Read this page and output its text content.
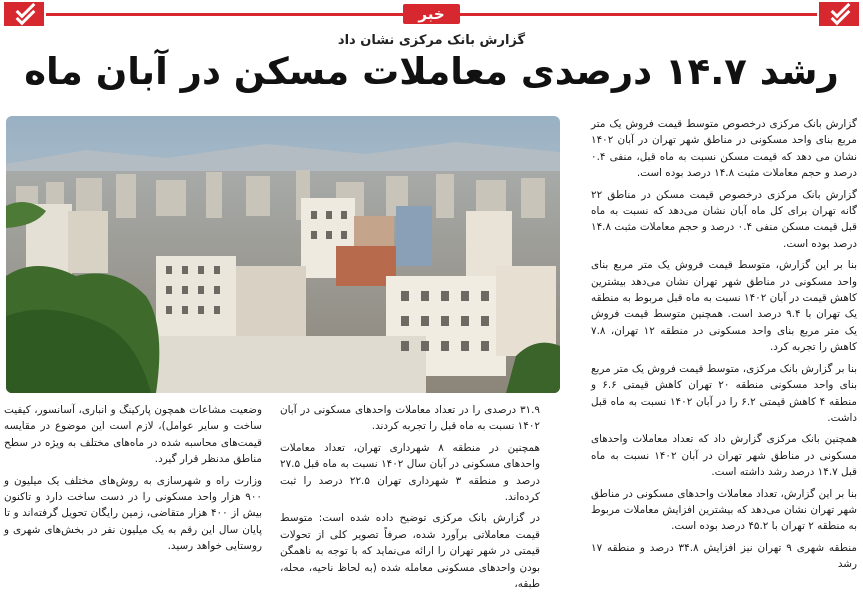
خبر
گزارش بانک مرکزی نشان داد
رشد ۱۴.۷ درصدی معاملات مسکن در آبان ماه

گزارش بانک مرکزی درخصوص متوسط قیمت فروش یک متر مربع بنای واحد مسکونی در مناطق شهر تهران در آبان ۱۴۰۲ نشان می دهد که قیمت مسکن نسبت به ماه قبل، منفی ۰.۴ درصد و حجم معاملات مثبت ۱۴.۸ درصد بوده است.

گزارش بانک مرکزی درخصوص قیمت مسکن در مناطق ۲۲ گانه تهران برای کل ماه آبان نشان می‌دهد که نسبت به ماه قبل قیمت مسکن منفی ۰.۴ درصد و حجم معاملات مثبت ۱۴.۸ درصد بوده است.

بنا بر این گزارش، متوسط قیمت فروش یک متر مربع بنای واحد مسکونی در مناطق شهر تهران نشان می‌دهد بیشترین کاهش قیمت در آبان ۱۴۰۲ نسبت به ماه قبل مربوط به منطقه یک تهران با ۹.۴ درصد است. همچنین متوسط قیمت فروش یک متر مربع بنای واحد مسکونی در منطقه ۱۲ تهران، ۷.۸ کاهش را تجربه کرد.

بنا بر گزارش بانک مرکزی، متوسط قیمت فروش یک متر مربع بنای واحد مسکونی منطقه ۲۰ تهران کاهش قیمتی ۶.۶ و منطقه ۴ کاهش قیمتی ۶.۲ را در آبان ۱۴۰۲ نسبت به ماه قبل داشت.

همچنین بانک مرکزی گزارش داد که تعداد معاملات واحدهای مسکونی در مناطق شهر تهران در آبان ۱۴۰۲ نسبت به ماه قبل ۱۴.۷ درصد رشد داشته است.

بنا بر این گزارش، تعداد معاملات واحدهای مسکونی در مناطق شهر تهران نشان می‌دهد که بیشترین افزایش معاملات مربوط به منطقه ۲ تهران با ۴۵.۲ درصد بوده است.

منطقه شهری ۹ تهران نیز افزایش ۳۴.۸ درصد و منطقه ۱۷ رشد

۳۱.۹ درصدی را در تعداد معاملات واحدهای مسکونی در آبان ۱۴۰۲ نسبت به ماه قبل را تجربه کردند.

همچنین در منطقه ۸ شهرداری تهران، تعداد معاملات واحدهای مسکونی در آبان سال ۱۴۰۲ نسبت به ماه قبل ۲۷.۵ درصد و منطقه ۳ شهرداری تهران ۲۲.۵ درصد را ثبت کرده‌اند.

در گزارش بانک مرکزی توضیح داده شده است: متوسط قیمت معاملاتی برآورد شده، صرفاً تصویر کلی از تحولات قیمتی در شهر تهران را ارائه می‌نماید که با توجه به ناهمگن بودن واحدهای مسکونی معامله شده (به لحاظ ناحیه، محله، طبقه،

وضعیت مشاعات همچون پارکینگ و انباری، آسانسور، کیفیت ساخت و سایر عوامل)، لازم است این موضوع در مقایسه قیمت‌های محاسبه شده در ماه‌های مختلف به ویژه در سطح مناطق مدنظر قرار گیرد.

وزارت راه و شهرسازی به روش‌های مختلف یک میلیون و ۹۰۰ هزار واحد مسکونی را در دست ساخت دارد و تاکنون بیش از ۴۰۰ هزار متقاضی، زمین رایگان تحویل گرفته‌اند و تا پایان سال این رقم به یک میلیون نفر در بخش‌های شهری و روستایی خواهد رسید.
